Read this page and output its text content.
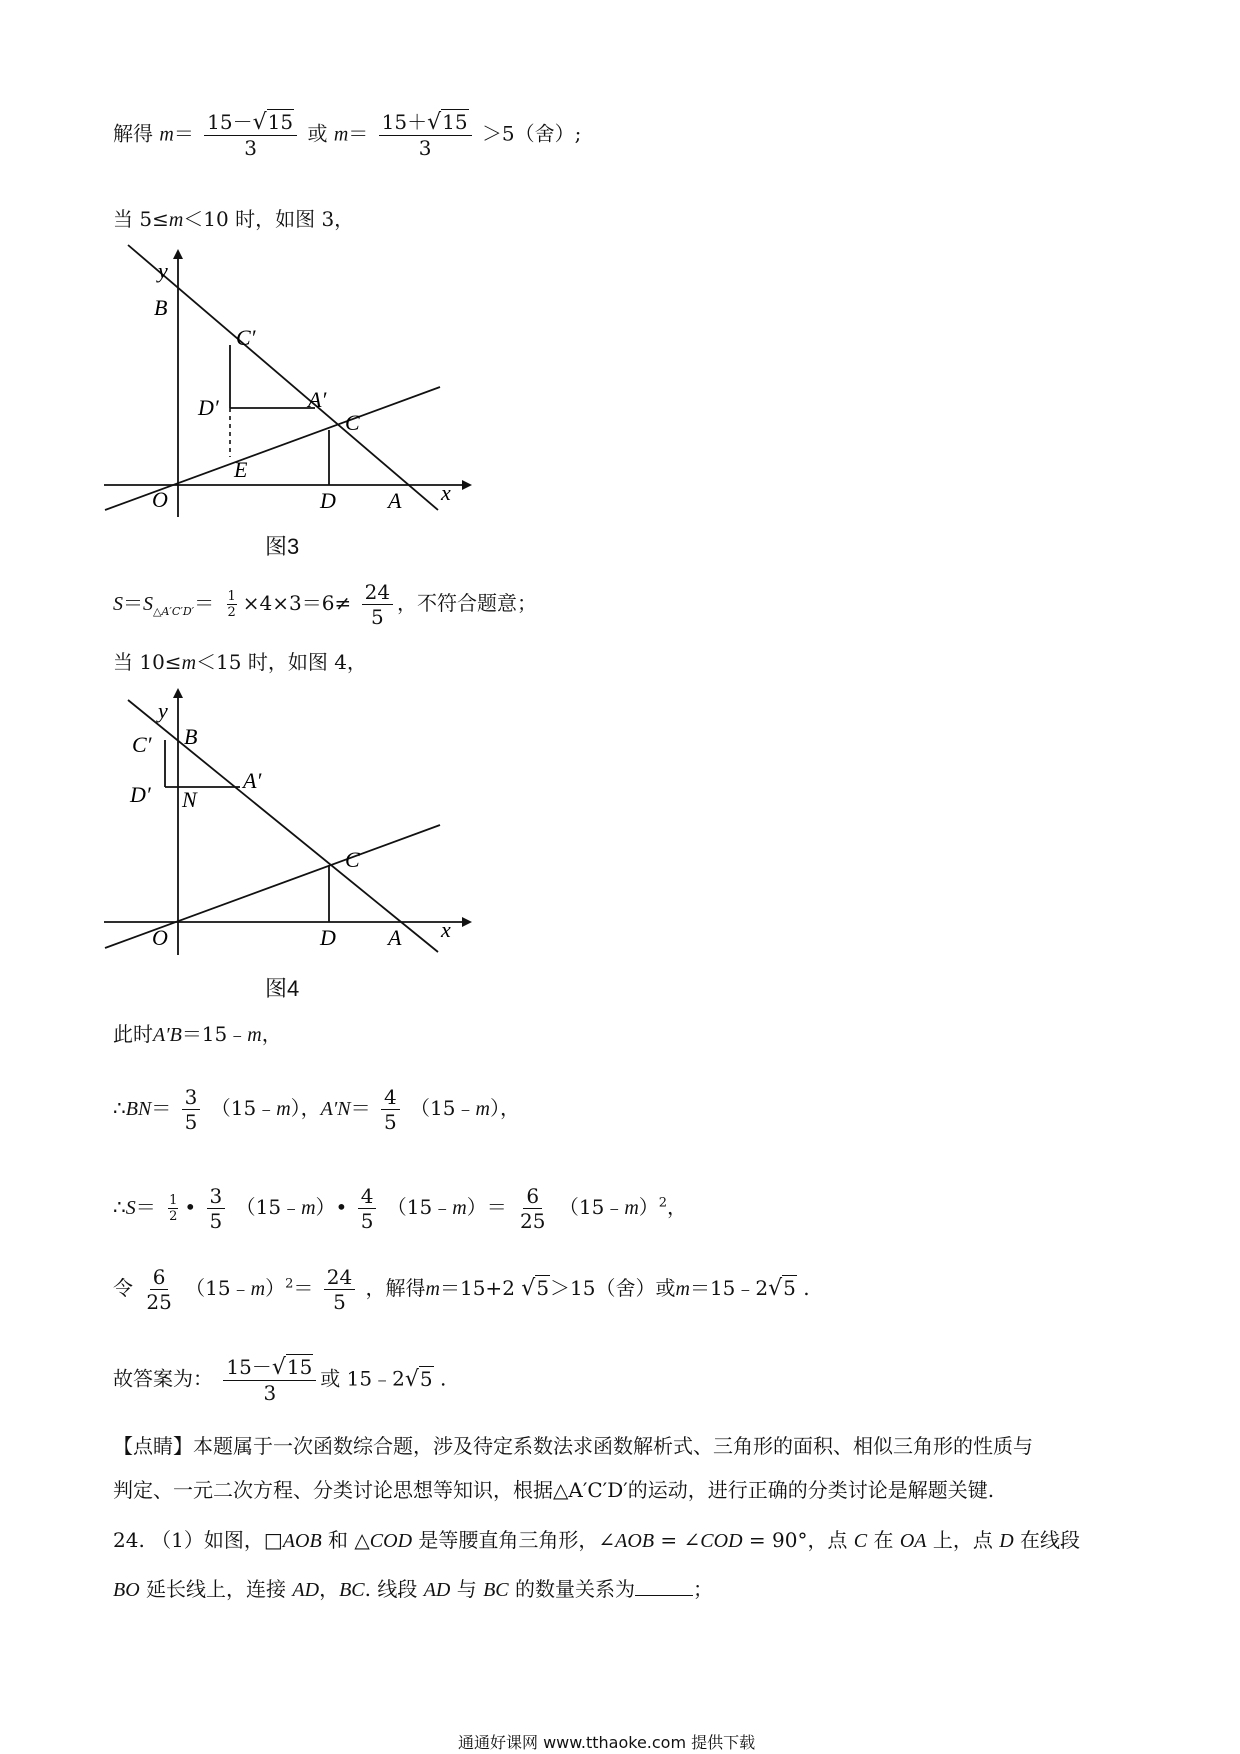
解得 $m= \frac{15-√15}{3}$ 或 $m= \frac{15+√15}{3} >5$（舍）;
当 5≤m＜10 时，如图 3，
y
x
O
B
C′
D′	A′
C
E
D A
图3
$S=S_{\triangle A'C'D'}= \frac{1}{2} \times 4\times 3=6\ne \frac{24}{5}$ ，不符合题意；
当 10≤m＜15 时，如图 4，
y
x
O
B
C′
D′ N
A′
C
D A
图4
此时A′B＝15﹣m，
∴BN＝ $\frac{3}{5}$ （15﹣m），$A'N= \frac{4}{5}$ （15﹣m），
∴S＝ $\frac{1}{2}$ • $\frac{3}{5}$ （15﹣m）• $\frac{4}{5}$ （15﹣m）＝ $\frac{6}{25}$ （15﹣m）$^2$，
令 $\frac{6}{25}$ （15﹣m）$^2$＝ $\frac{24}{5}$ ，解得m＝15+2 √5＞15（舍）或m＝15﹣2√5 .
故答案为： $\frac{15-√15}{3}$ 或 15﹣2√5 .
【点睛】本题属于一次函数综合题，涉及待定系数法求函数解析式、三角形的面积、相似三角形的性质与
判定、一元二次方程、分类讨论思想等知识，根据△A′C′D′的运动，进行正确的分类讨论是解题关键.
24. （1）如图，□AOB 和 △COD 是等腰直角三角形，∠AOB = ∠COD = 90°，点 C 在 OA 上，点 D 在线段
BO 延长线上，连接 AD，BC. 线段 AD 与 BC 的数量关系为	；
通通好课网 www.tthaoke.com 提供下载
